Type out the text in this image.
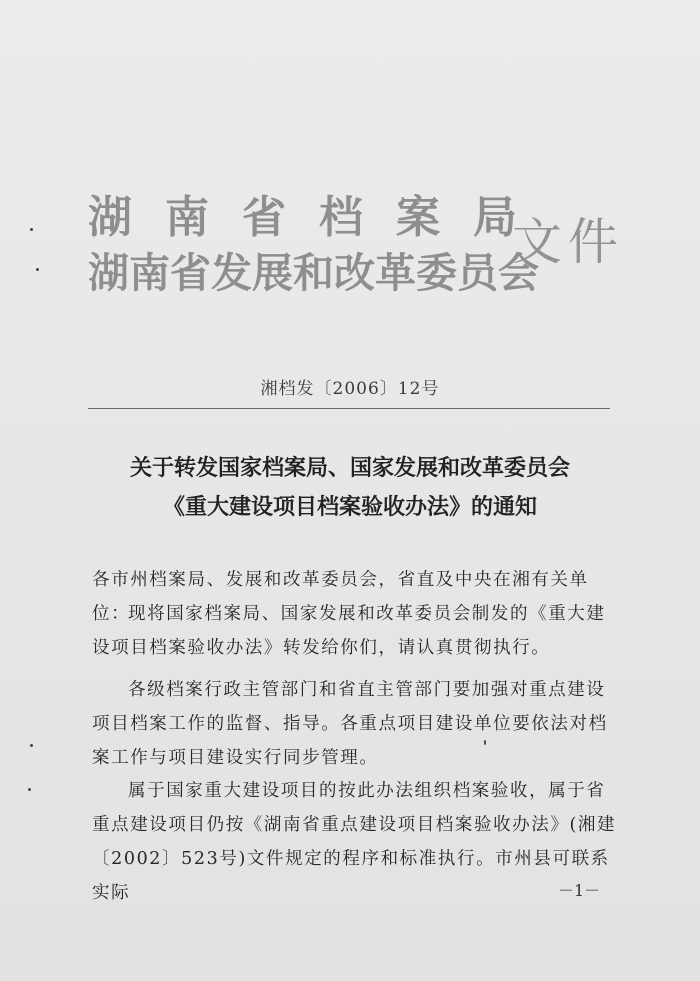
湖南省档案局
湖南省发展和改革委员会
文件
湘档发〔2006〕12号
关于转发国家档案局、国家发展和改革委员会
《重大建设项目档案验收办法》的通知
各市州档案局、发展和改革委员会，省直及中央在湘有关单位：
现将国家档案局、国家发展和改革委员会制发的《重大建设项目档案验收办法》转发给你们，请认真贯彻执行。
各级档案行政主管部门和省直主管部门要加强对重点建设项目档案工作的监督、指导。各重点项目建设单位要依法对档案工作与项目建设实行同步管理。
属于国家重大建设项目的按此办法组织档案验收，属于省重点建设项目仍按《湖南省重点建设项目档案验收办法》(湘建〔2002〕523号)文件规定的程序和标准执行。市州县可联系实际	－1－
